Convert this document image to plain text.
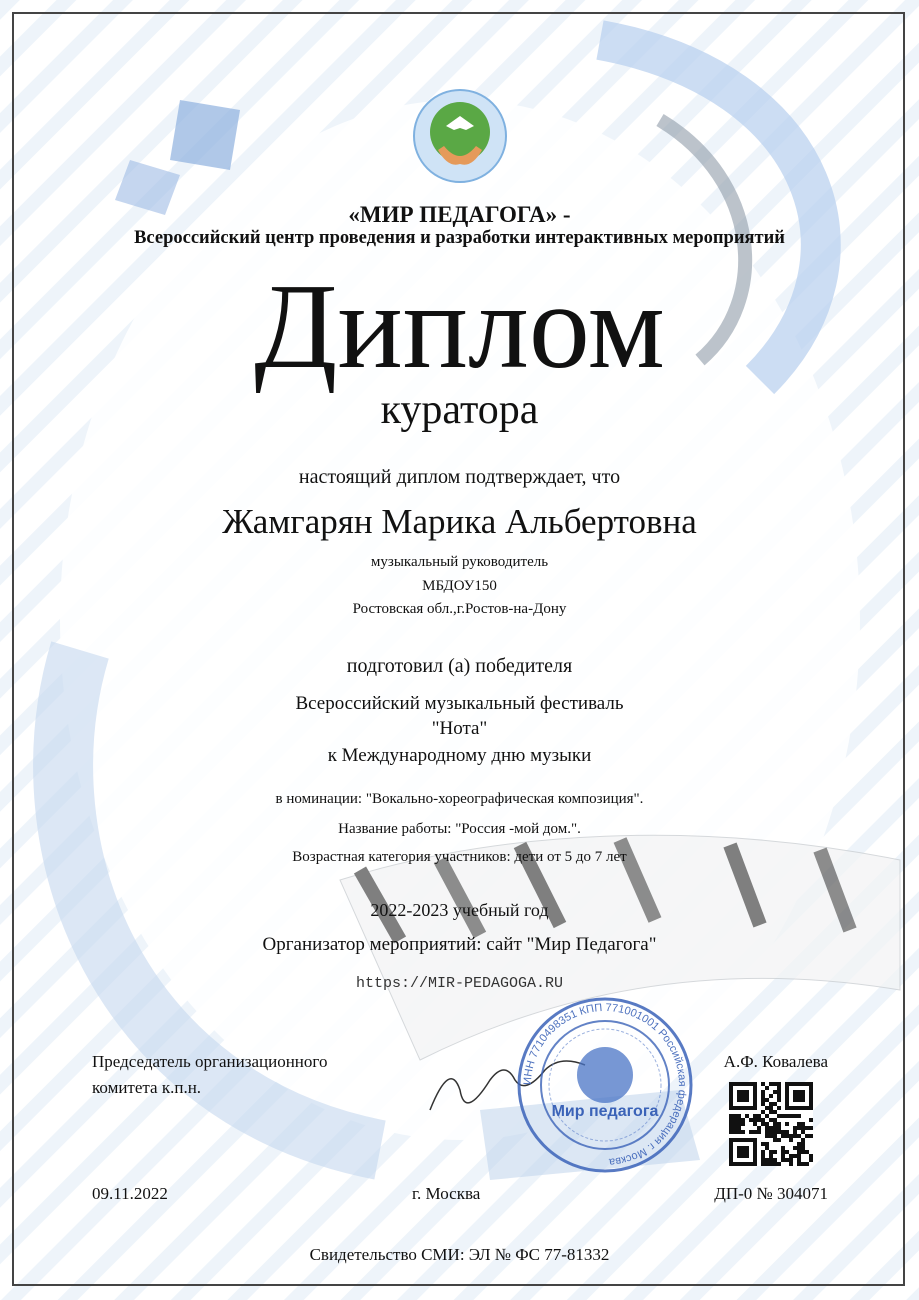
«МИР ПЕДАГОГА» -
Всероссийский центр проведения и разработки интерактивных мероприятий
Диплом
куратора
настоящий диплом подтверждает, что
Жамгарян Марика Альбертовна
музыкальный руководитель
МБДОУ150
Ростовская обл.,г.Ростов-на-Дону
подготовил (а) победителя
Всероссийский музыкальный фестиваль
"Нота"
к Международному дню музыки
в номинации: "Вокально-хореографическая композиция".
Название работы: "Россия -мой дом.".
Возрастная категория участников: дети от 5 до 7 лет
2022-2023 учебный год
Организатор мероприятий: сайт "Мир Педагога"
https://MIR-PEDAGOGA.RU
Председатель организационного
комитета к.п.н.	ИНН 7710498351 КПП 771001001 Российская федерация г. Москва
Мир педагога
А.Ф. Ковалева
09.11.2022	г. Москва	ДП-0 № 304071
Свидетельство СМИ: ЭЛ № ФС 77-81332
